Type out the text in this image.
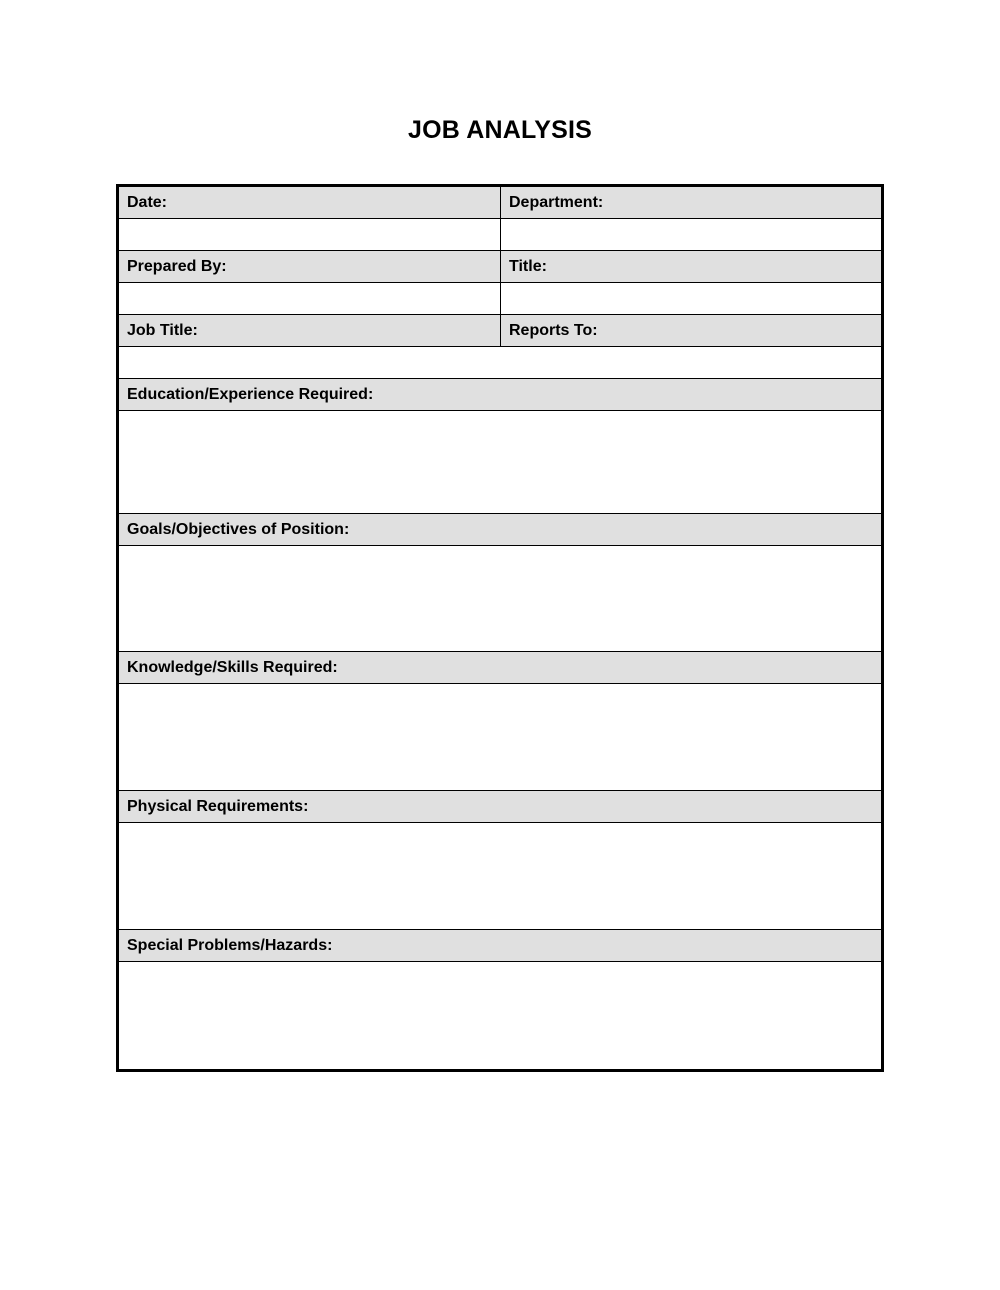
JOB ANALYSIS
Date:	Department:
Prepared By:	Title:
Job Title:	Reports To:
Education/Experience Required:
Goals/Objectives of Position:
Knowledge/Skills Required:
Physical Requirements:
Special Problems/Hazards:
